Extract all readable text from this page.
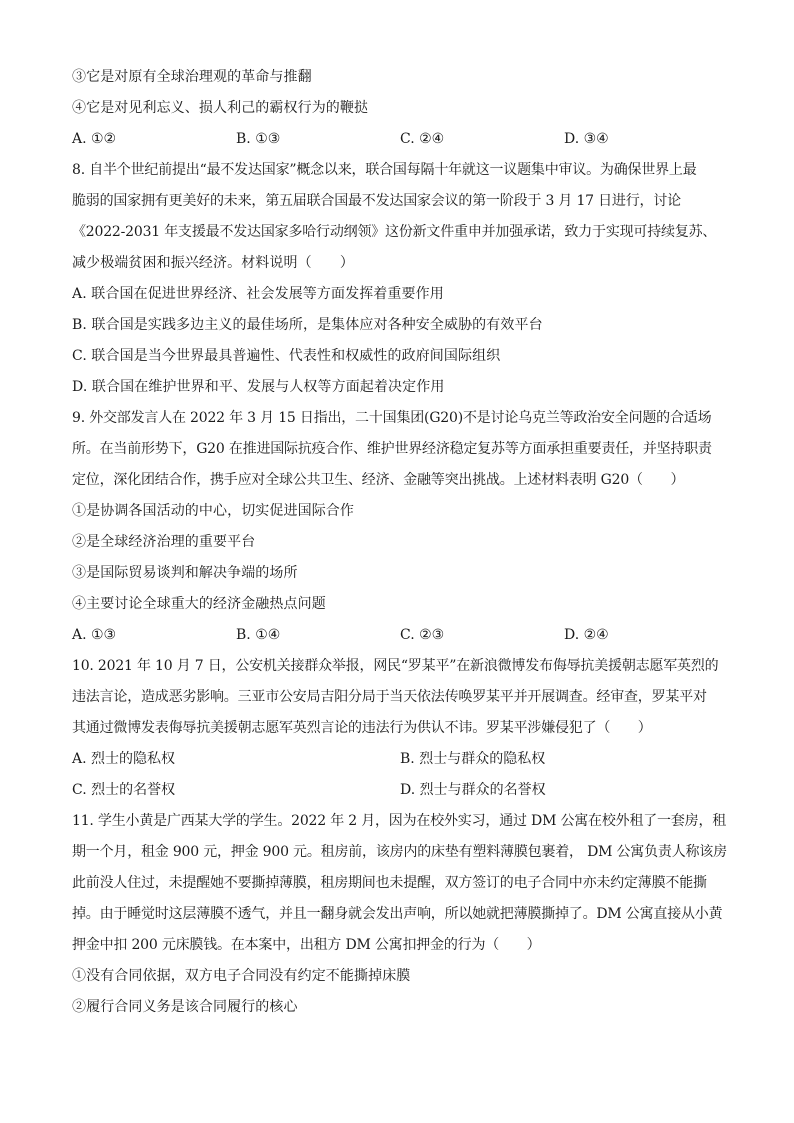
③它是对原有全球治理观的革命与推翻
④它是对见利忘义、损人利己的霸权行为的鞭挞
A. ①②	B. ①③	C. ②④	D. ③④
8. 自半个世纪前提出“最不发达国家”概念以来，联合国每隔十年就这一议题集中审议。为确保世界上最
脆弱的国家拥有更美好的未来，第五届联合国最不发达国家会议的第一阶段于 3 月 17 日进行，讨论
《2022-2031 年支援最不发达国家多哈行动纲领》这份新文件重申并加强承诺，致力于实现可持续复苏、
减少极端贫困和振兴经济。材料说明（　　）
A. 联合国在促进世界经济、社会发展等方面发挥着重要作用
B. 联合国是实践多边主义的最佳场所，是集体应对各种安全威胁的有效平台
C. 联合国是当今世界最具普遍性、代表性和权威性的政府间国际组织
D. 联合国在维护世界和平、发展与人权等方面起着决定作用
9. 外交部发言人在 2022 年 3 月 15 日指出，二十国集团(G20)不是讨论乌克兰等政治安全问题的合适场
所。在当前形势下，G20 在推进国际抗疫合作、维护世界经济稳定复苏等方面承担重要责任，并坚持职责
定位，深化团结合作，携手应对全球公共卫生、经济、金融等突出挑战。上述材料表明 G20（　　）
①是协调各国活动的中心，切实促进国际合作
②是全球经济治理的重要平台
③是国际贸易谈判和解决争端的场所
④主要讨论全球重大的经济金融热点问题
A. ①③	B. ①④	C. ②③	D. ②④
10. 2021 年 10 月 7 日，公安机关接群众举报，网民“罗某平”在新浪微博发布侮辱抗美援朝志愿军英烈的
违法言论，造成恶劣影响。三亚市公安局吉阳分局于当天依法传唤罗某平并开展调查。经审查，罗某平对
其通过微博发表侮辱抗美援朝志愿军英烈言论的违法行为供认不讳。罗某平涉嫌侵犯了（　　）
A. 烈士的隐私权	B. 烈士与群众的隐私权
C. 烈士的名誉权	D. 烈士与群众的名誉权
11. 学生小黄是广西某大学的学生。2022 年 2 月，因为在校外实习，通过 DM 公寓在校外租了一套房，租
期一个月，租金 900 元，押金 900 元。租房前，该房内的床垫有塑料薄膜包裹着， DM 公寓负责人称该房
此前没人住过，未提醒她不要撕掉薄膜，租房期间也未提醒，双方签订的电子合同中亦未约定薄膜不能撕
掉。由于睡觉时这层薄膜不透气，并且一翻身就会发出声响，所以她就把薄膜撕掉了。DM 公寓直接从小黄
押金中扣 200 元床膜钱。在本案中，出租方 DM 公寓扣押金的行为（　　）
①没有合同依据，双方电子合同没有约定不能撕掉床膜
②履行合同义务是该合同履行的核心
